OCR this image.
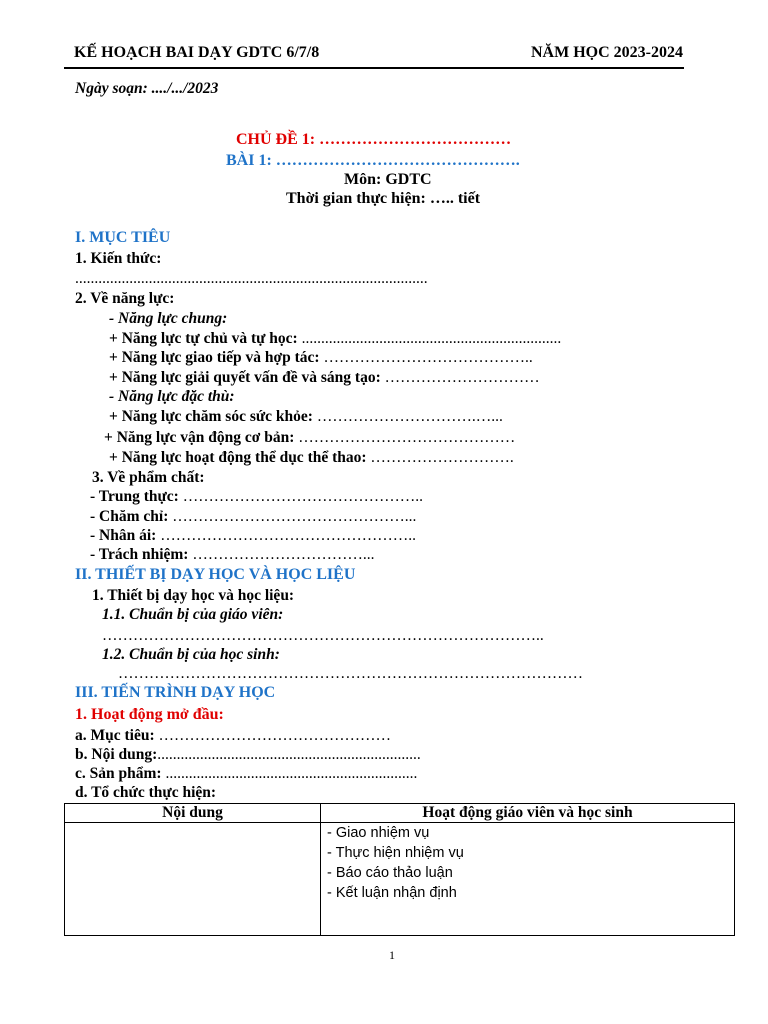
KẾ HOẠCH BAI DẠY GDTC 6/7/8	NĂM HỌC 2023-2024
Ngày soạn: ..../.../2023
CHỦ ĐỀ 1: ………………………………
BÀI 1: ……………………………………….
Môn: GDTC
Thời gian thực hiện: ….. tiết
I. MỤC TIÊU
1. Kiến thức:
...........................................................................................
2. Về năng lực:
- Năng lực chung:
+ Năng lực tự chủ và tự học: ...................................................................
+ Năng lực giao tiếp và hợp tác: …………………………………..
+ Năng lực giải quyết vấn đề và sáng tạo: …………………………
- Năng lực đặc thù:
+ Năng lực chăm sóc sức khỏe: ………………………….…...
+ Năng lực vận động cơ bản: ……………………………………
+ Năng lực hoạt động thể dục thể thao: ……………………….
3. Về phẩm chất:
- Trung thực: ………………………………………..
- Chăm chỉ: ………………………………………...
- Nhân ái: …………………………………………..
- Trách nhiệm: ……………………………...
II. THIẾT BỊ DẠY HỌC VÀ HỌC LIỆU
1. Thiết bị dạy học và học liệu:
1.1. Chuẩn bị của giáo viên:
…………………………………………………………………………..
1.2. Chuẩn bị của học sinh:
………………………………………………………………………………
III. TIẾN TRÌNH DẠY HỌC
1. Hoạt động mở đầu:
a. Mục tiêu: ………………………………………
b. Nội dung:....................................................................
c. Sản phẩm: .................................................................
d. Tổ chức thực hiện:
Nội dung	Hoạt động giáo viên và học sinh

	- Giao nhiệm vụ
- Thực hiện nhiệm vụ
- Báo cáo thảo luận
- Kết luận nhận định
1
